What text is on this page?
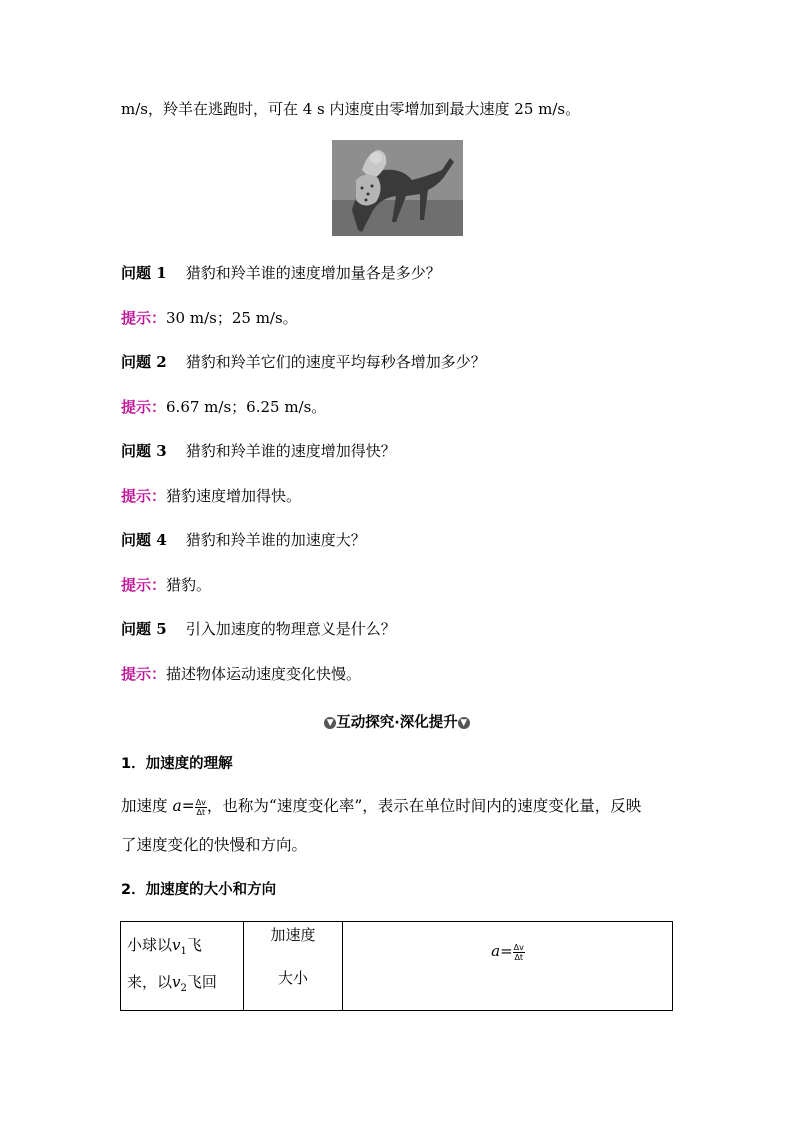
m/s，羚羊在逃跑时，可在 4 s 内速度由零增加到最大速度 25 m/s。
问题 1 猎豹和羚羊谁的速度增加量各是多少？
提示：30 m/s；25 m/s。
问题 2 猎豹和羚羊它们的速度平均每秒各增加多少？
提示：6.67 m/s；6.25 m/s。
问题 3 猎豹和羚羊谁的速度增加得快？
提示：猎豹速度增加得快。
问题 4 猎豹和羚羊谁的加速度大？
提示：猎豹。
问题 5 引入加速度的物理意义是什么？
提示：描述物体运动速度变化快慢。
▼ 互动探究·深化提升 ▼
1．加速度的理解
加速度 $a= \frac{\Delta v}{\Delta t}$ ，也称为“速度变化率”，表示在单位时间内的速度变化量，反映
了速度变化的快慢和方向。
2．加速度的大小和方向
小球以$v_1$飞
来，以$v_2$飞回
加速度
大小
$a= \frac{\Delta v}{\Delta t}$
